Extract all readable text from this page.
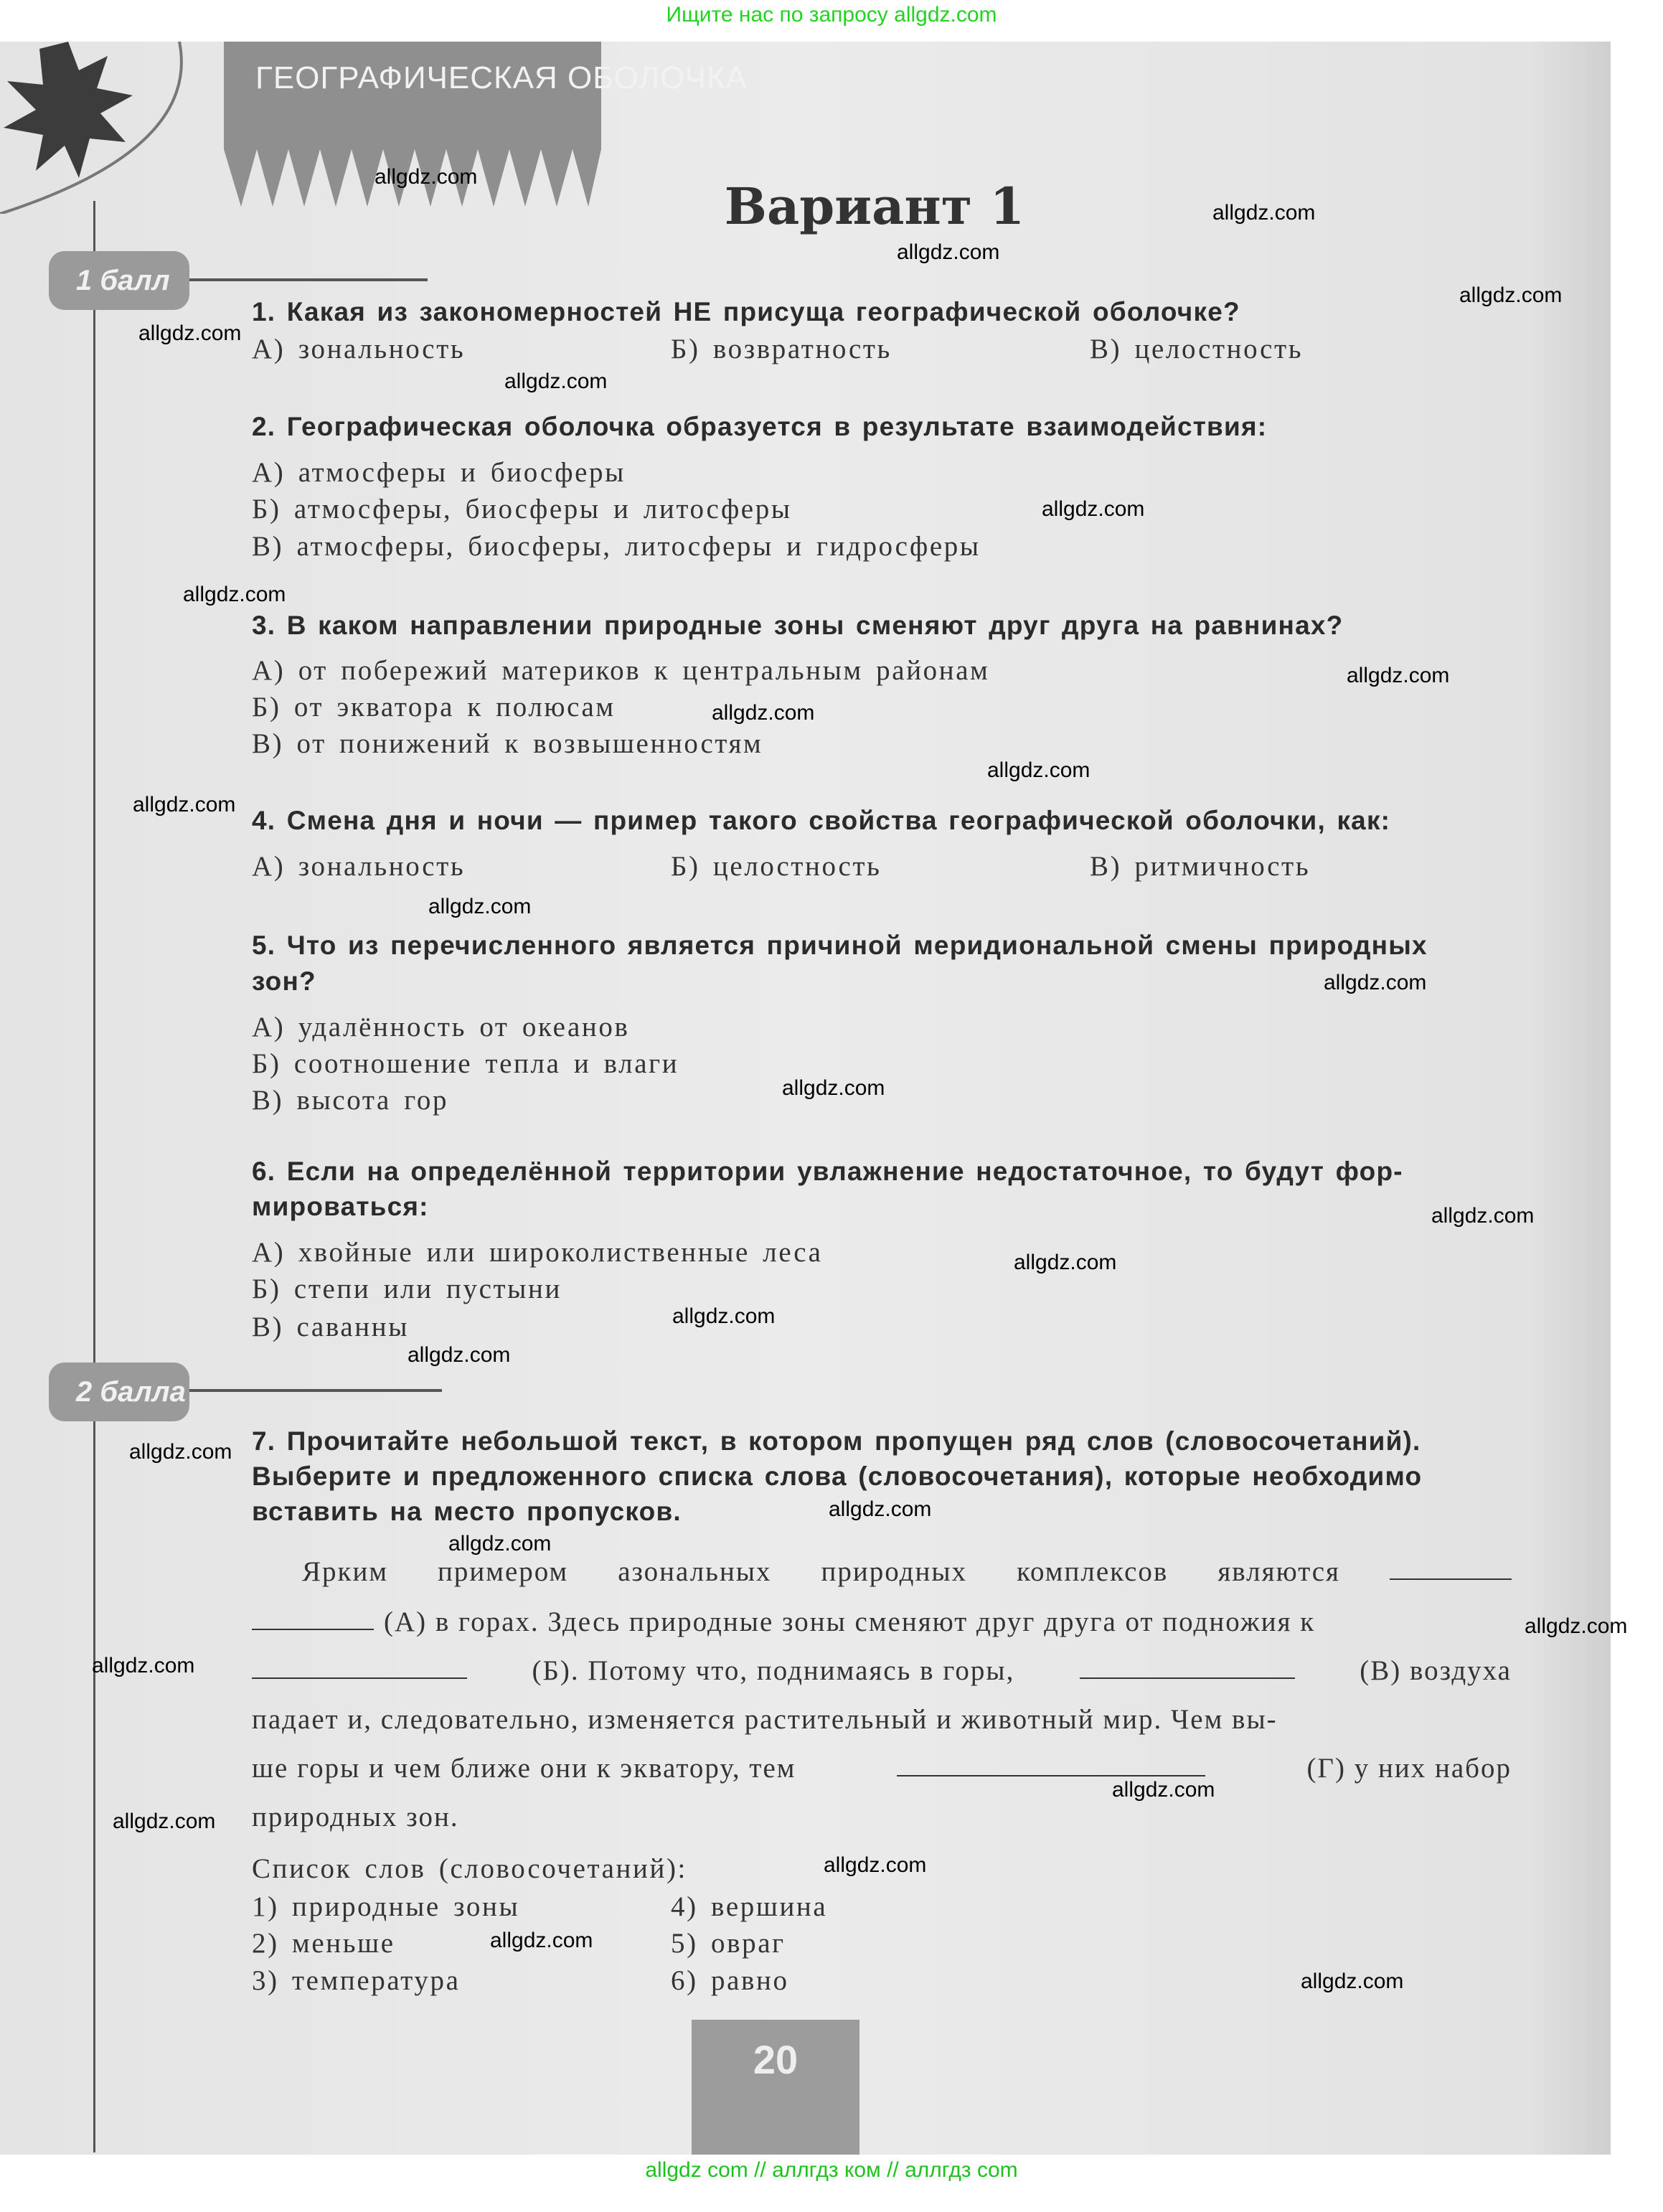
Ищите нас по запросу allgdz.com
ГЕОГРАФИЧЕСКАЯ ОБОЛОЧКА
Вариант 1
1 балл
2 балла
1. Какая из закономерностей НЕ присуща географической оболочке?
А) зональность	Б) возвратность	В) целостность
2. Географическая оболочка образуется в результате взаимодействия:
А) атмосферы и биосферы
Б) атмосферы, биосферы и литосферы
В) атмосферы, биосферы, литосферы и гидросферы
3. В каком направлении природные зоны сменяют друг друга на равнинах?
А) от побережий материков к центральным районам
Б) от экватора к полюсам
В) от понижений к возвышенностям
4. Смена дня и ночи — пример такого свойства географической оболочки, как:
А) зональность	Б) целостность	В) ритмичность
5. Что из перечисленного является причиной меридиональной смены природных
зон?
А) удалённость от океанов
Б) соотношение тепла и влаги
В) высота гор
6. Если на определённой территории увлажнение недостаточное, то будут фор-
мироваться:
А) хвойные или широколиственные леса
Б) степи или пустыни
В) саванны
7. Прочитайте небольшой текст, в котором пропущен ряд слов (словосочетаний).
Выберите и предложенного списка слова (словосочетания), которые необходимо
вставить на место пропусков.
Ярким примером азональных природных комплексов являются
(А) в горах. Здесь природные зоны сменяют друг друга от подножия к
(Б). Потому что, поднимаясь в горы,	(В) воздуха
падает и, следовательно, изменяется растительный и животный мир. Чем вы-
ше горы и чем ближе они к экватору, тем	(Г) у них набор
природных зон.
Список слов (словосочетаний):
1) природные зоны
2) меньше
3) температура
4) вершина
5) овраг
6) равно
20
allgdz.com
allgdz.com
allgdz.com
allgdz.com
allgdz.com
allgdz.com
allgdz.com
allgdz.com
allgdz.com
allgdz.com
allgdz.com
allgdz.com
allgdz.com
allgdz.com
allgdz.com
allgdz.com
allgdz.com
allgdz.com
allgdz.com
allgdz.com
allgdz.com
allgdz.com
allgdz.com
allgdz.com
allgdz.com
allgdz.com
allgdz.com
allgdz.com
allgdz.com
allgdz com // аллгдз ком // аллгдз com
